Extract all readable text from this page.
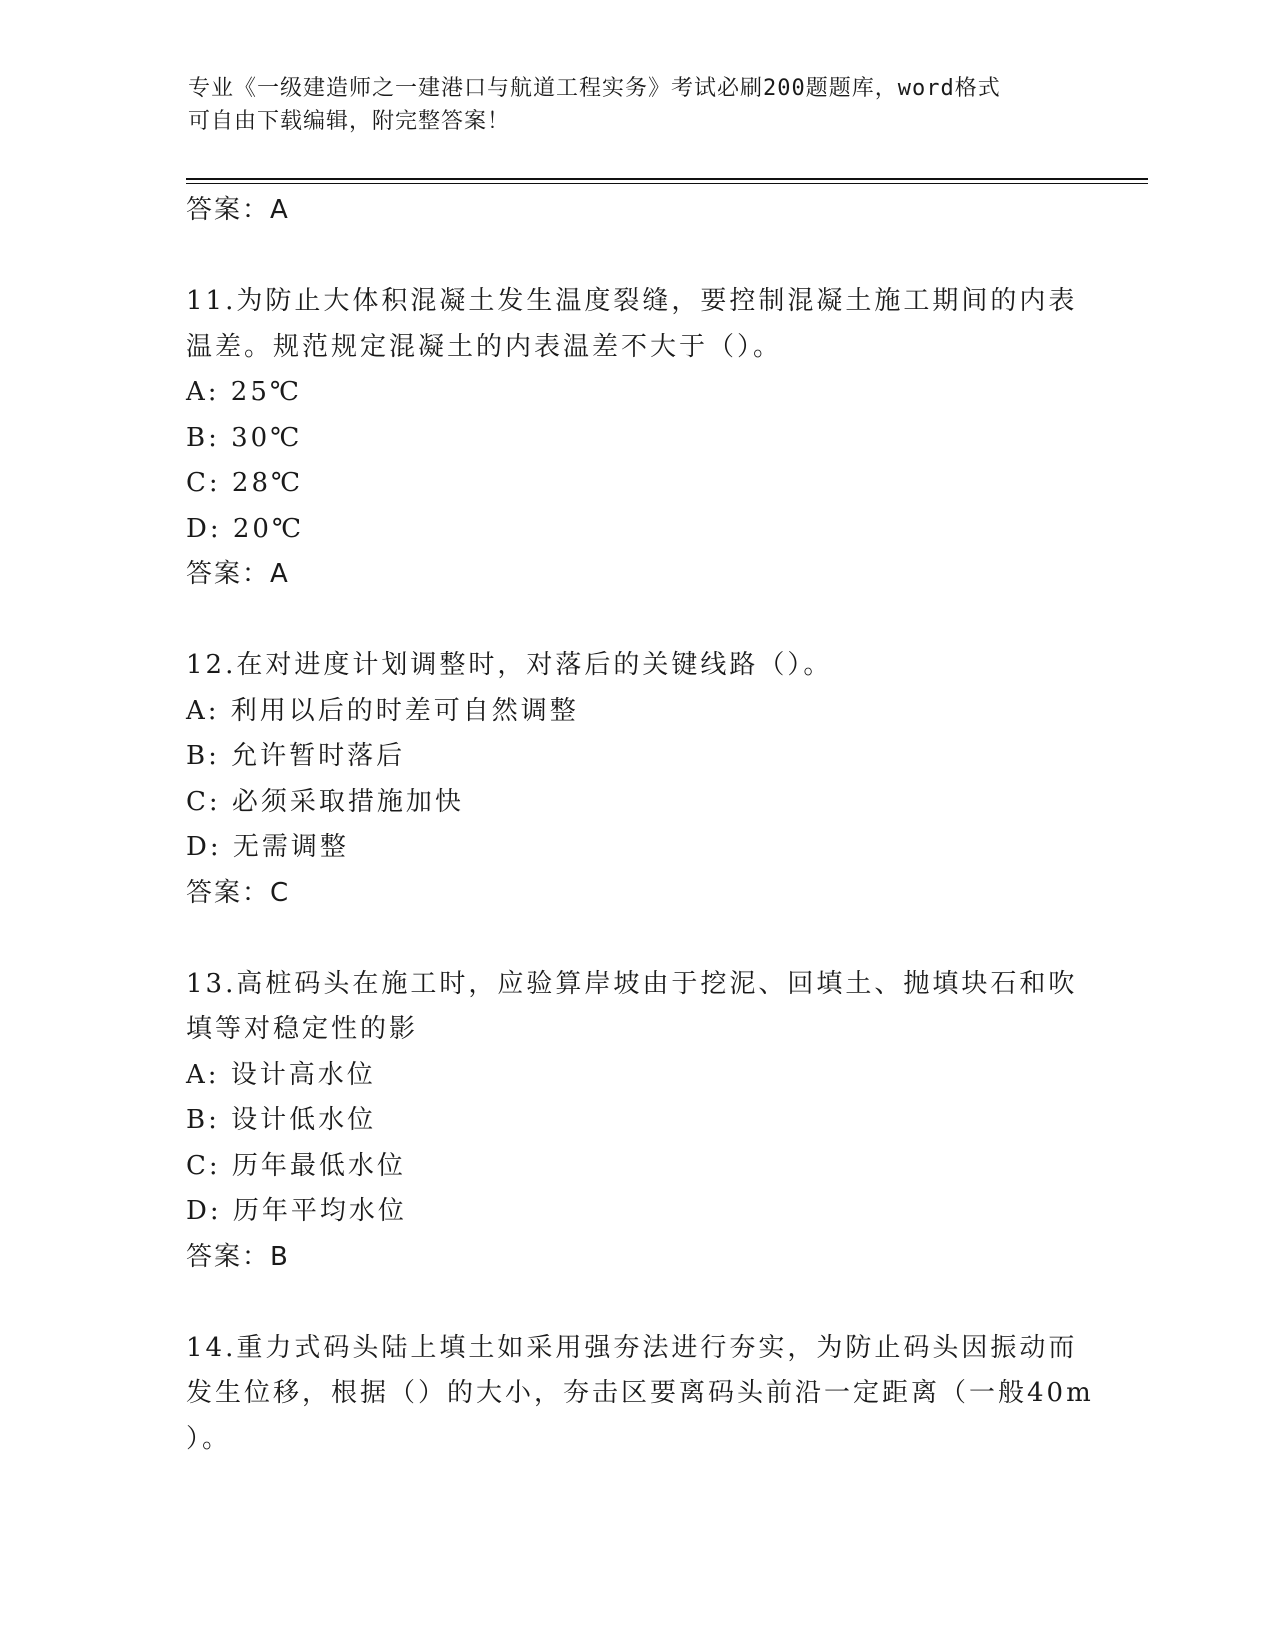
专业《一级建造师之一建港口与航道工程实务》考试必刷200题题库，word格式
可自由下载编辑，附完整答案！
答案：A
11.为防止大体积混凝土发生温度裂缝，要控制混凝土施工期间的内表
温差。规范规定混凝土的内表温差不大于（）。
A: 25℃
B: 30℃
C: 28℃
D: 20℃
答案：A
12.在对进度计划调整时，对落后的关键线路（）。
A: 利用以后的时差可自然调整
B: 允许暂时落后
C: 必须采取措施加快
D: 无需调整
答案：C
13.高桩码头在施工时，应验算岸坡由于挖泥、回填土、抛填块石和吹
填等对稳定性的影
A: 设计高水位
B: 设计低水位
C: 历年最低水位
D: 历年平均水位
答案：B
14.重力式码头陆上填土如采用强夯法进行夯实，为防止码头因振动而
发生位移，根据（）的大小，夯击区要离码头前沿一定距离（一般40m
）。
